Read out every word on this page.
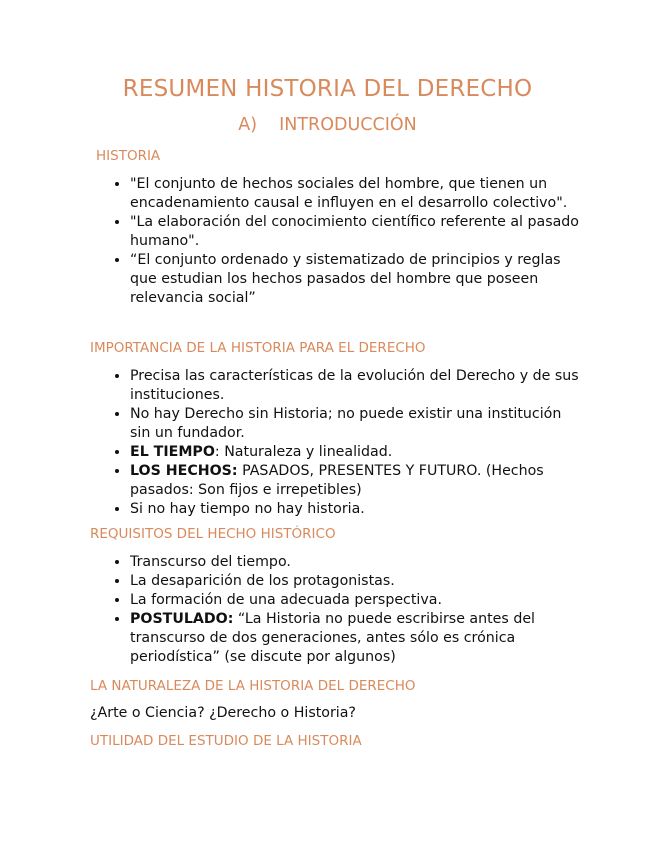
RESUMEN HISTORIA DEL DERECHO
A) INTRODUCCIÓN
HISTORIA
• "El conjunto de hechos sociales del hombre, que tienen un encadenamiento causal e influyen en el desarrollo colectivo".
• "La elaboración del conocimiento científico referente al pasado humano".
• “El conjunto ordenado y sistematizado de principios y reglas que estudian los hechos pasados del hombre que poseen relevancia social”
IMPORTANCIA DE LA HISTORIA PARA EL DERECHO
• Precisa las características de la evolución del Derecho y de sus instituciones.
• No hay Derecho sin Historia; no puede existir una institución sin un fundador.
• EL TIEMPO: Naturaleza y linealidad.
• LOS HECHOS: PASADOS, PRESENTES Y FUTURO. (Hechos pasados: Son fijos e irrepetibles)
• Si no hay tiempo no hay historia.
REQUISITOS DEL HECHO HISTÓRICO
• Transcurso del tiempo.
• La desaparición de los protagonistas.
• La formación de una adecuada perspectiva.
• POSTULADO: “La Historia no puede escribirse antes del transcurso de dos generaciones, antes sólo es crónica periodística” (se discute por algunos)
LA NATURALEZA DE LA HISTORIA DEL DERECHO
¿Arte o Ciencia? ¿Derecho o Historia?
UTILIDAD DEL ESTUDIO DE LA HISTORIA
